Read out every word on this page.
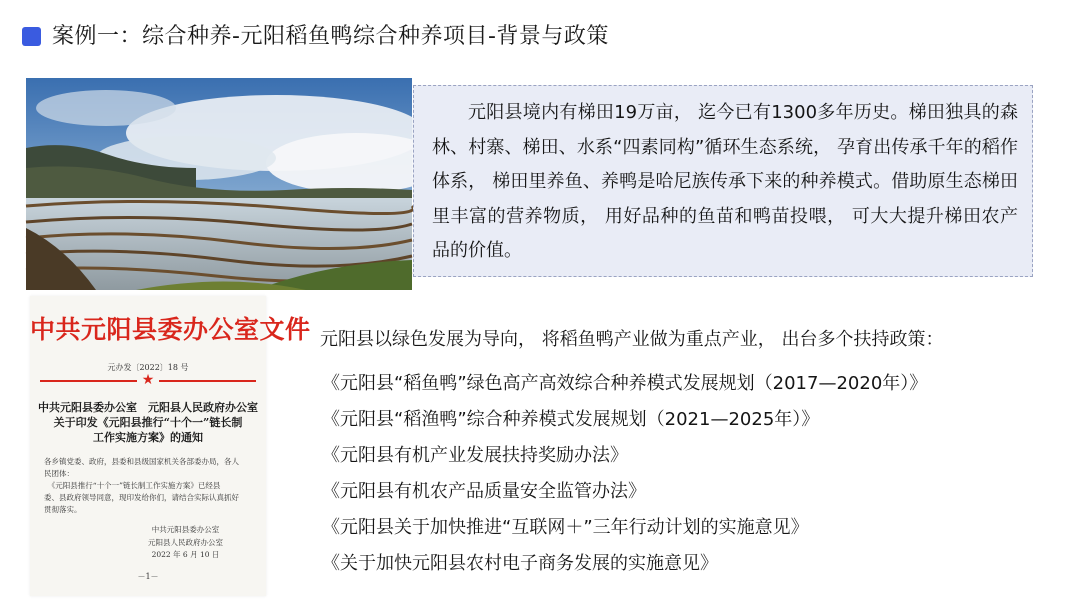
案例一：综合种养-元阳稻鱼鸭综合种养项目-背景与政策

元阳县境内有梯田19万亩， 迄今已有1300多年历史。梯田独具的森林、村寨、梯田、水系“四素同构”循环生态系统， 孕育出传承千年的稻作体系， 梯田里养鱼、养鸭是哈尼族传承下来的种养模式。借助原生态梯田里丰富的营养物质， 用好品种的鱼苗和鸭苗投喂， 可大大提升梯田农产品的价值。

中共元阳县委办公室文件
元办发〔2022〕18 号
★
中共元阳县委办公室　元阳县人民政府办公室
关于印发《元阳县推行“十个一”链长制
工作实施方案》的通知
各乡镇党委、政府，县委和县级国家机关各部委办局，各人
民团体：
　《元阳县推行“十个一”链长制工作实施方案》已经县
委、县政府领导同意，现印发给你们，请结合实际认真抓好
贯彻落实。
中共元阳县委办公室
元阳县人民政府办公室
2022 年 6 月 10 日
－1－
元阳县以绿色发展为导向， 将稻鱼鸭产业做为重点产业， 出台多个扶持政策：
《元阳县“稻鱼鸭”绿色高产高效综合种养模式发展规划（2017—2020年）》
《元阳县“稻渔鸭”综合种养模式发展规划（2021—2025年）》
《元阳县有机产业发展扶持奖励办法》
《元阳县有机农产品质量安全监管办法》
《元阳县关于加快推进“互联网＋”三年行动计划的实施意见》
《关于加快元阳县农村电子商务发展的实施意见》
